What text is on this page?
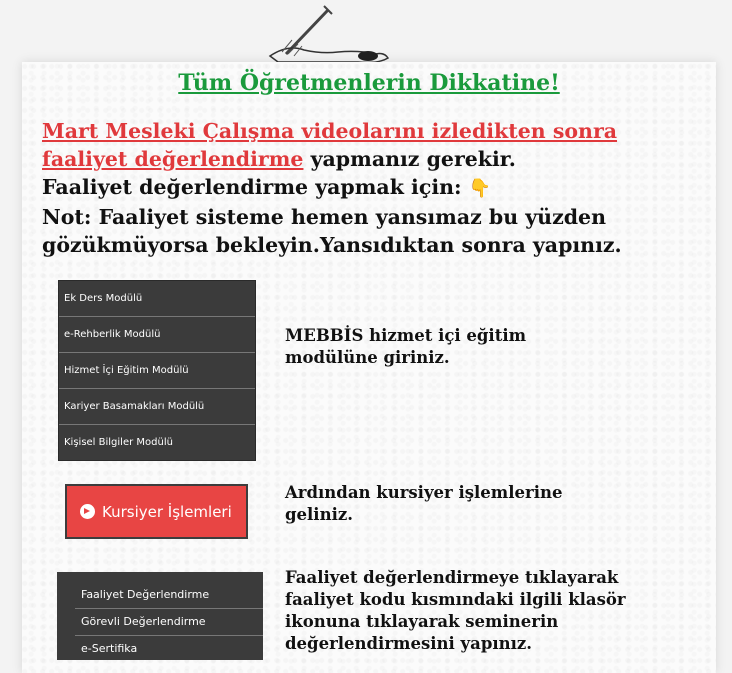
Tüm Öğretmenlerin Dikkatine!
Mart Mesleki Çalışma videolarını izledikten sonra
faaliyet değerlendirme yapmanız gerekir.
Faaliyet değerlendirme yapmak için: 👇
Not: Faaliyet sisteme hemen yansımaz bu yüzden gözükmüyorsa bekleyin.Yansıdıktan sonra yapınız.
Ek Ders Modülü
e-Rehberlik Modülü
Hizmet İçi Eğitim Modülü
Kariyer Basamakları Modülü
Kişisel Bilgiler Modülü
MEBBİS hizmet içi eğitim modülüne giriniz.
Kursiyer İşlemleri
Ardından kursiyer işlemlerine geliniz.
Faaliyet Değerlendirme
Görevli Değerlendirme
e-Sertifika
Faaliyet değerlendirmeye tıklayarak faaliyet kodu kısmındaki ilgili klasör ikonuna tıklayarak seminerin değerlendirmesini yapınız.
